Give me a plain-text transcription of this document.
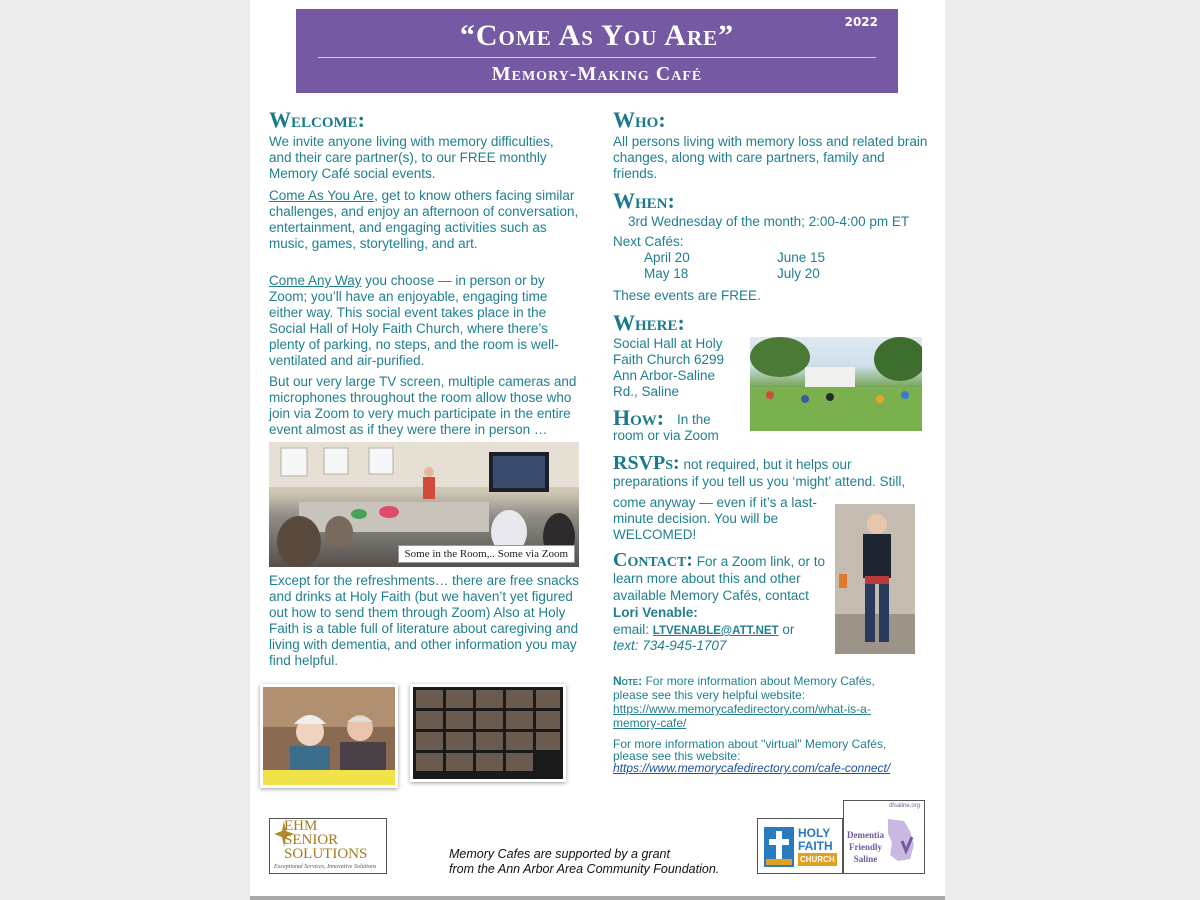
2022
“Come As You Are”
Memory-Making Café
Welcome:

We invite anyone living with memory difficulties, and their care partner(s), to our FREE monthly Memory Café social events.

Come As You Are, get to know others facing similar challenges, and enjoy an afternoon of conversation, entertainment, and engaging activities such as music, games, storytelling, and art.

Come Any Way you choose — in person or by Zoom; you’ll have an enjoyable, engaging time either way. This social event takes place in the Social Hall of Holy Faith Church, where there’s plenty of parking, no steps, and the room is well-ventilated and air-purified.

But our very large TV screen, multiple cameras and microphones throughout the room allow those who join via Zoom to very much participate in the entire event almost as if they were there in person …

Some in the Room,.. Some via Zoom

Except for the refreshments… there are free snacks and drinks at Holy Faith (but we haven’t yet figured out how to send them through Zoom) Also at Holy Faith is a table full of literature about caregiving and living with dementia, and other information you may find helpful.

Who:

All persons living with memory loss and related brain changes, along with care partners, family and friends.

When:

3rd Wednesday of the month; 2:00-4:00 pm ET

Next Cafés:

April 20	June 15

May 18	July 20

These events are FREE.

Where:

Social Hall at Holy Faith Church 6299 Ann Arbor-Saline Rd., Saline

How: In the room or via Zoom

RSVPs: not required, but it helps our preparations if you tell us you ‘might’ attend. Still,

come anyway — even if it’s a last-minute decision. You will be WELCOMED!

Contact: For a Zoom link, or to learn more about this and other available Memory Cafés, contact

Lori Venable:

email: LTVENABLE@ATT.NET or

text: 734-945-1707

Note: For more information about Memory Cafés, please see this very helpful website: https://www.memorycafedirectory.com/what-is-a-memory-cafe/

For more information about "virtual" Memory Cafés, please see this website: https://www.memorycafedirectory.com/cafe-connect/

EHM
SENIOR
SOLUTIONS
Exceptional Services, Innovative Solutions
Memory Cafes are supported by a grant
from the Ann Arbor Area Community Foundation.
HOLY
FAITH
CHURCH
dfsaline.org
Dementia
Friendly
Saline
